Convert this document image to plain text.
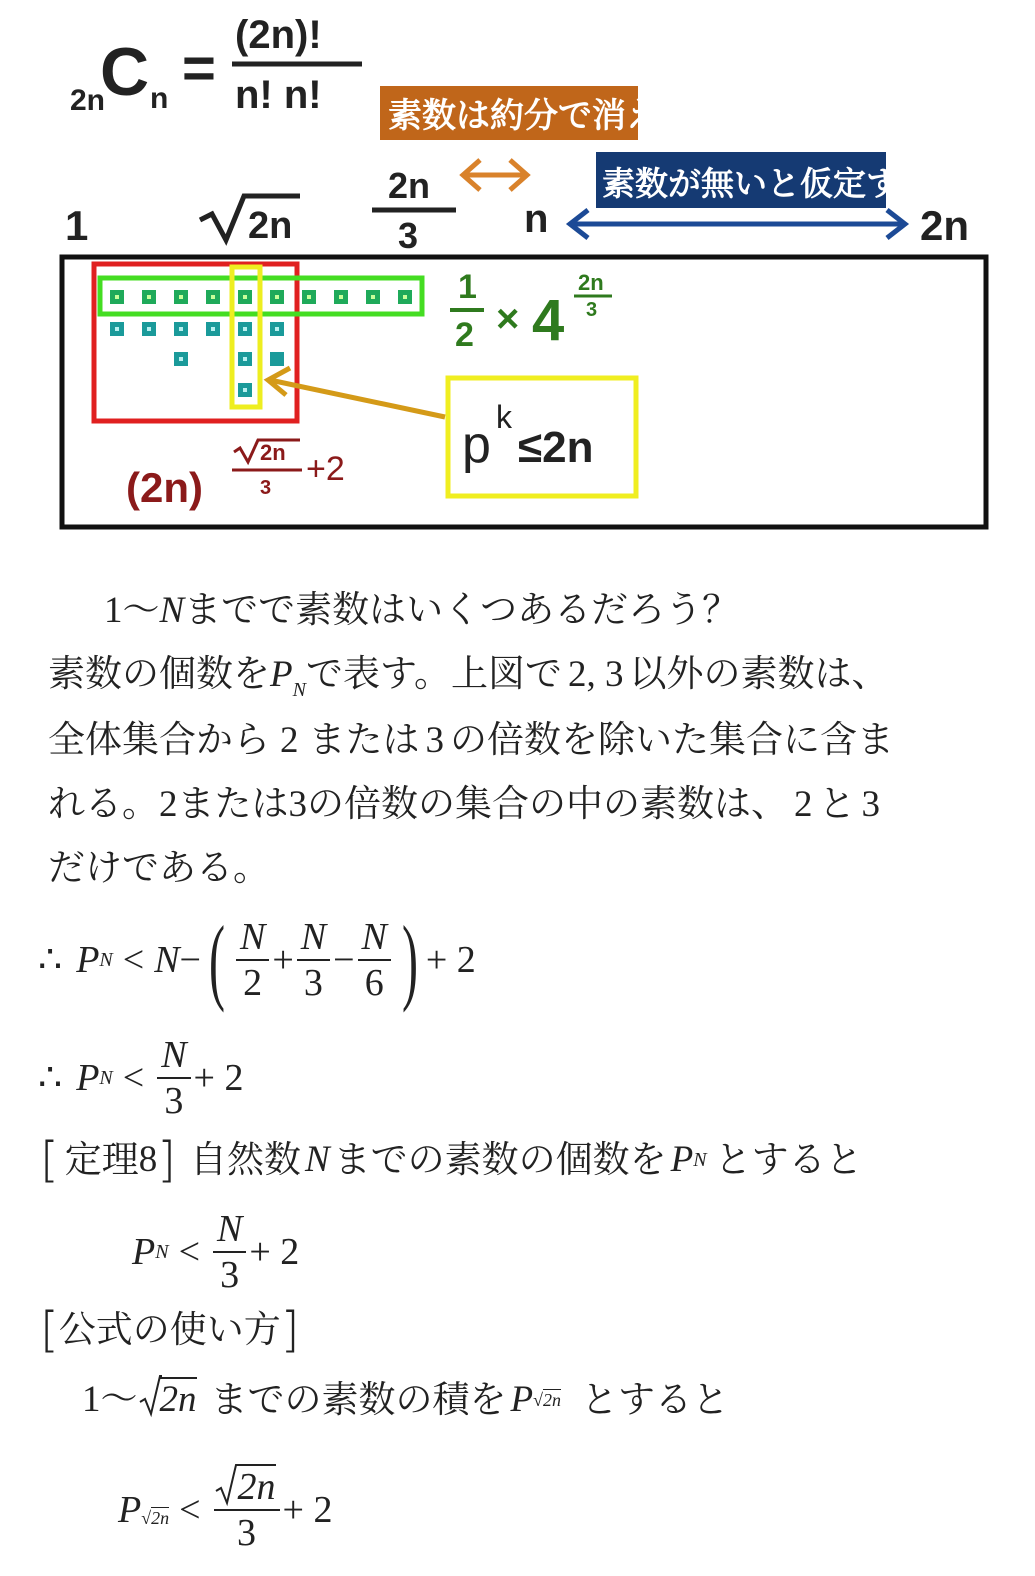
2n
C n =
(2n)!
n! n! 素数は約分で消える
素数が無いと仮定する
1	2n
2n
3	n	2n
1
2 × 4
2n
3
p k
≤2n
(2n)
2n
3 +2
1〜Nまでで素数はいくつあるだろう？
素数の個数を$P_N$で表す。上図で 2, 3 以外の素数は、
全体集合から 2 または 3 の倍数を除いた集合に含ま
れる。2または3の倍数の集合の中の素数は、 2 と 3
だけである。
∴ P N < N − ( $\frac{N}{2} + \frac{N}{3} - \frac{N}{6}$ ) + 2
∴ P $N < \frac{N}{3} + 2$
[ 定理 8 ] 自然数 N までの素数の個数を P N とすると
P $N < \frac{N}{3} + 2$
[ 公式の使い方 ]
1〜 2n までの素数の積を P √2n とすると
P $√2n < \frac{2n}{3} + 2$
